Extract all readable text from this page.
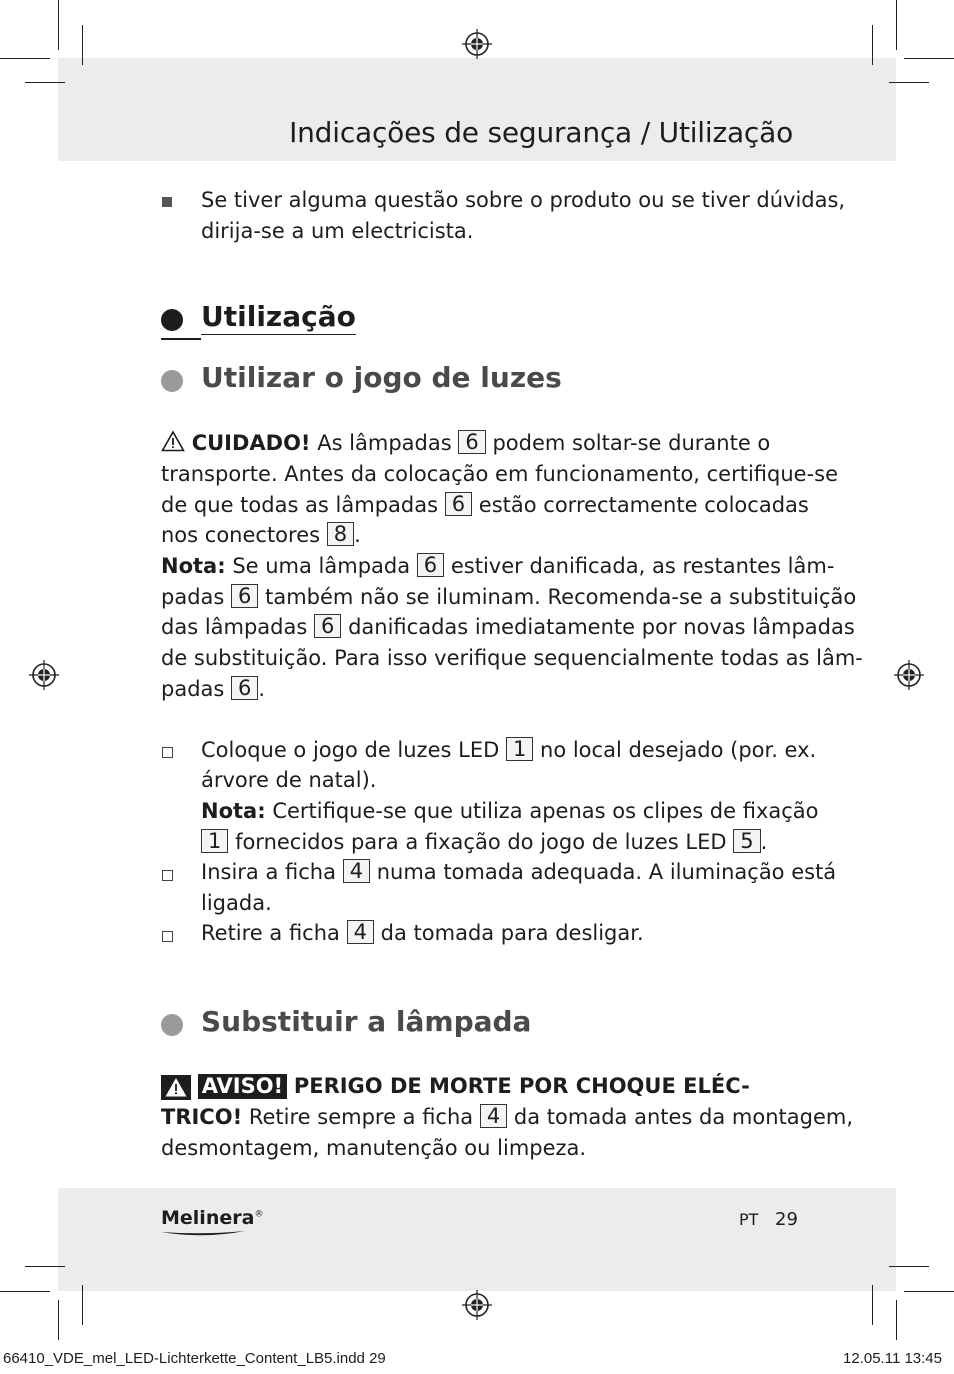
Indicações de segurança / Utilização
Se tiver alguma questão sobre o produto ou se tiver dúvidas,
dirija-se a um electricista.
Utilização
Utilizar o jogo de luzes
CUIDADO! As lâmpadas 6 podem soltar-se durante o
transporte. Antes da colocação em funcionamento, certifique-se
de que todas as lâmpadas 6 estão correctamente colocadas
nos conectores 8 .
Nota: Se uma lâmpada 6 estiver danificada, as restantes lâm-
padas 6 também não se iluminam. Recomenda-se a substituição
das lâmpadas 6 danificadas imediatamente por novas lâmpadas
de substituição. Para isso verifique sequencialmente todas as lâm-
padas 6 .
Coloque o jogo de luzes LED 1 no local desejado (por. ex.
árvore de natal).
Nota: Certifique-se que utiliza apenas os clipes de fixação
1 fornecidos para a fixação do jogo de luzes LED 5 .
Insira a ficha 4 numa tomada adequada. A iluminação está
ligada.
Retire a ficha 4 da tomada para desligar.
Substituir a lâmpada
AVISO! PERIGO DE MORTE POR CHOQUE ELÉC-
TRICO! Retire sempre a ficha 4 da tomada antes da montagem,
desmontagem, manutenção ou limpeza.
Melinera®	PT 29
66410_VDE_mel_LED-Lichterkette_Content_LB5.indd 29	12.05.11 13:45
